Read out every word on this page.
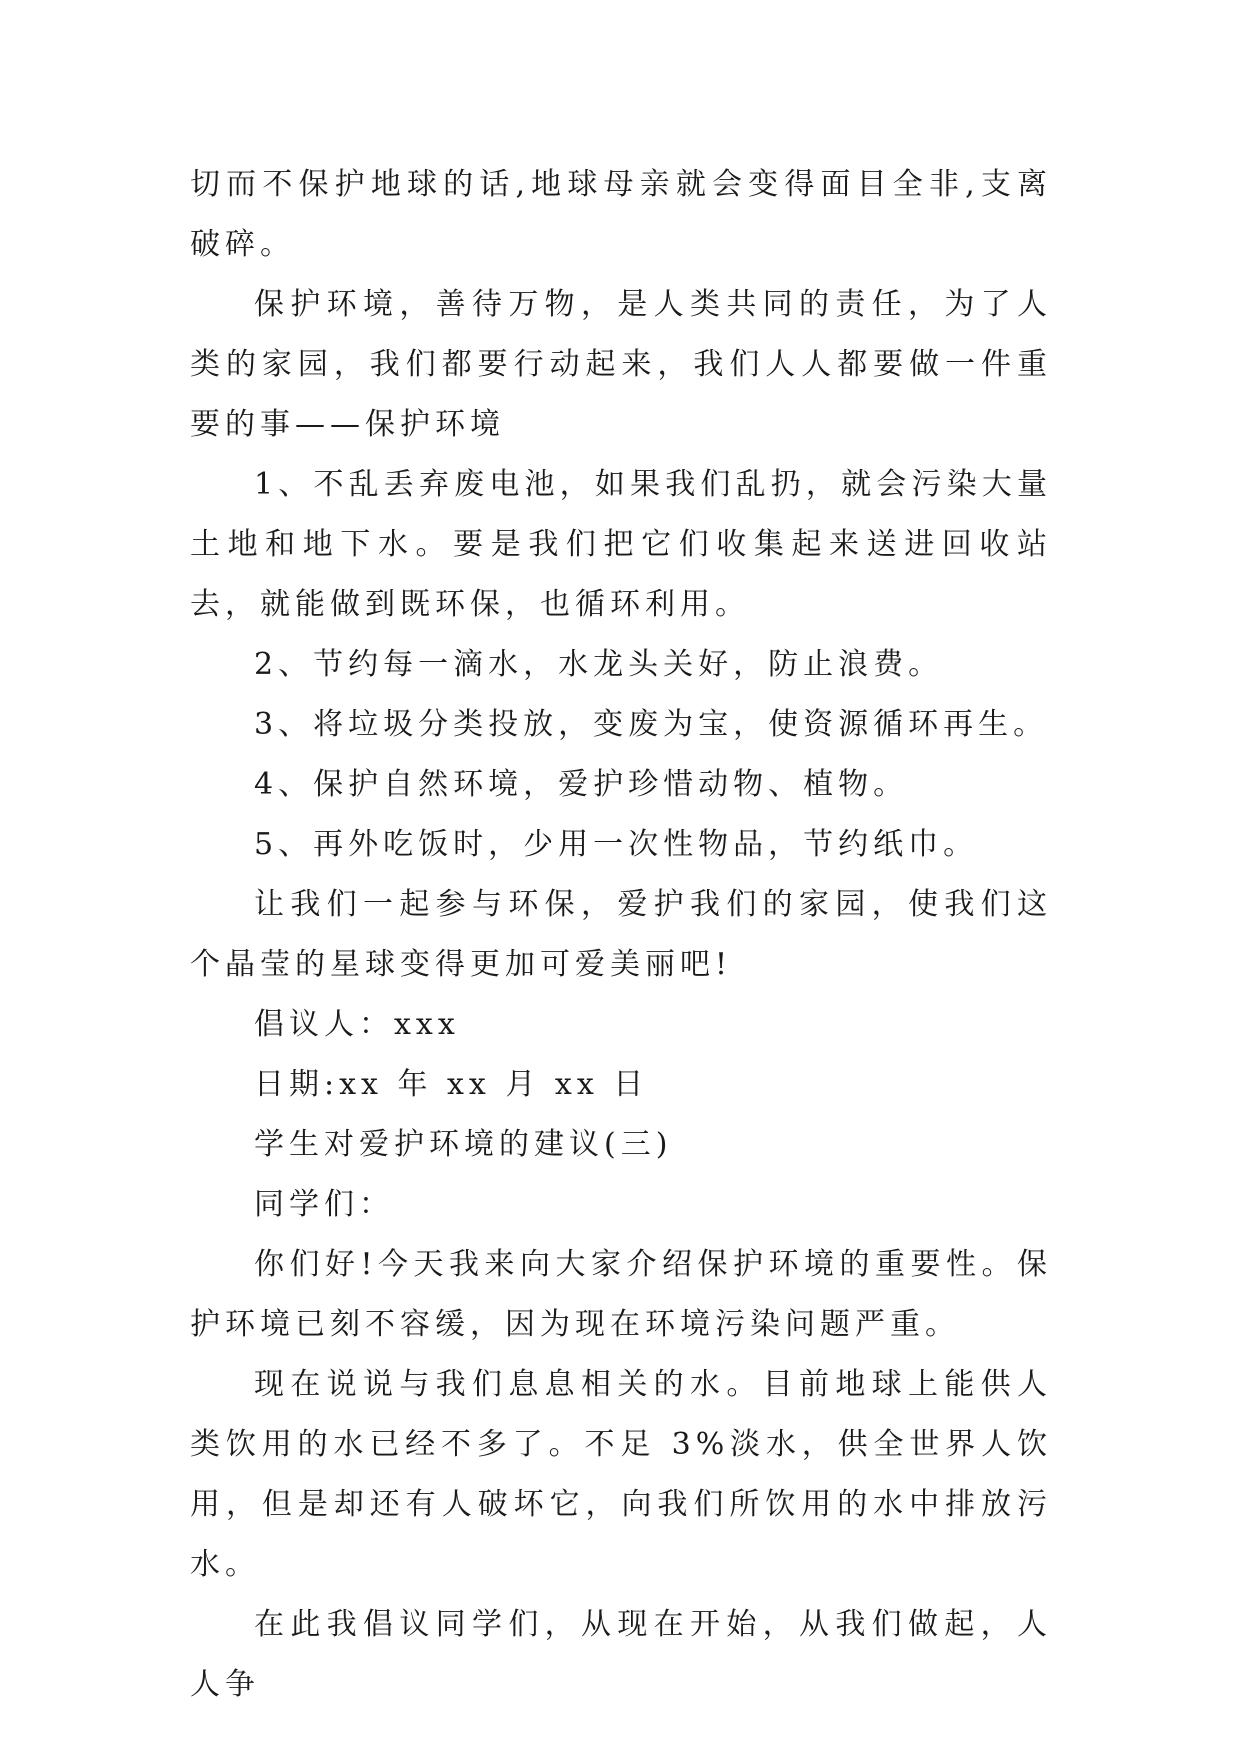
切而不保护地球的话,地球母亲就会变得面目全非,支离破碎。

保护环境，善待万物，是人类共同的责任，为了人类的家园，我们都要行动起来，我们人人都要做一件重要的事——保护环境

1、不乱丢弃废电池，如果我们乱扔，就会污染大量土地和地下水。要是我们把它们收集起来送进回收站去，就能做到既环保，也循环利用。

2、节约每一滴水，水龙头关好，防止浪费。

3、将垃圾分类投放，变废为宝，使资源循环再生。

4、保护自然环境，爱护珍惜动物、植物。

5、再外吃饭时，少用一次性物品，节约纸巾。

让我们一起参与环保，爱护我们的家园，使我们这个晶莹的星球变得更加可爱美丽吧!

倡议人：xxx

日期:xx 年 xx 月 xx 日

学生对爱护环境的建议(三)

同学们：

你们好!今天我来向大家介绍保护环境的重要性。保护环境已刻不容缓，因为现在环境污染问题严重。

现在说说与我们息息相关的水。目前地球上能供人类饮用的水已经不多了。不足 3%淡水，供全世界人饮用，但是却还有人破坏它，向我们所饮用的水中排放污水。

在此我倡议同学们，从现在开始，从我们做起，人人争
